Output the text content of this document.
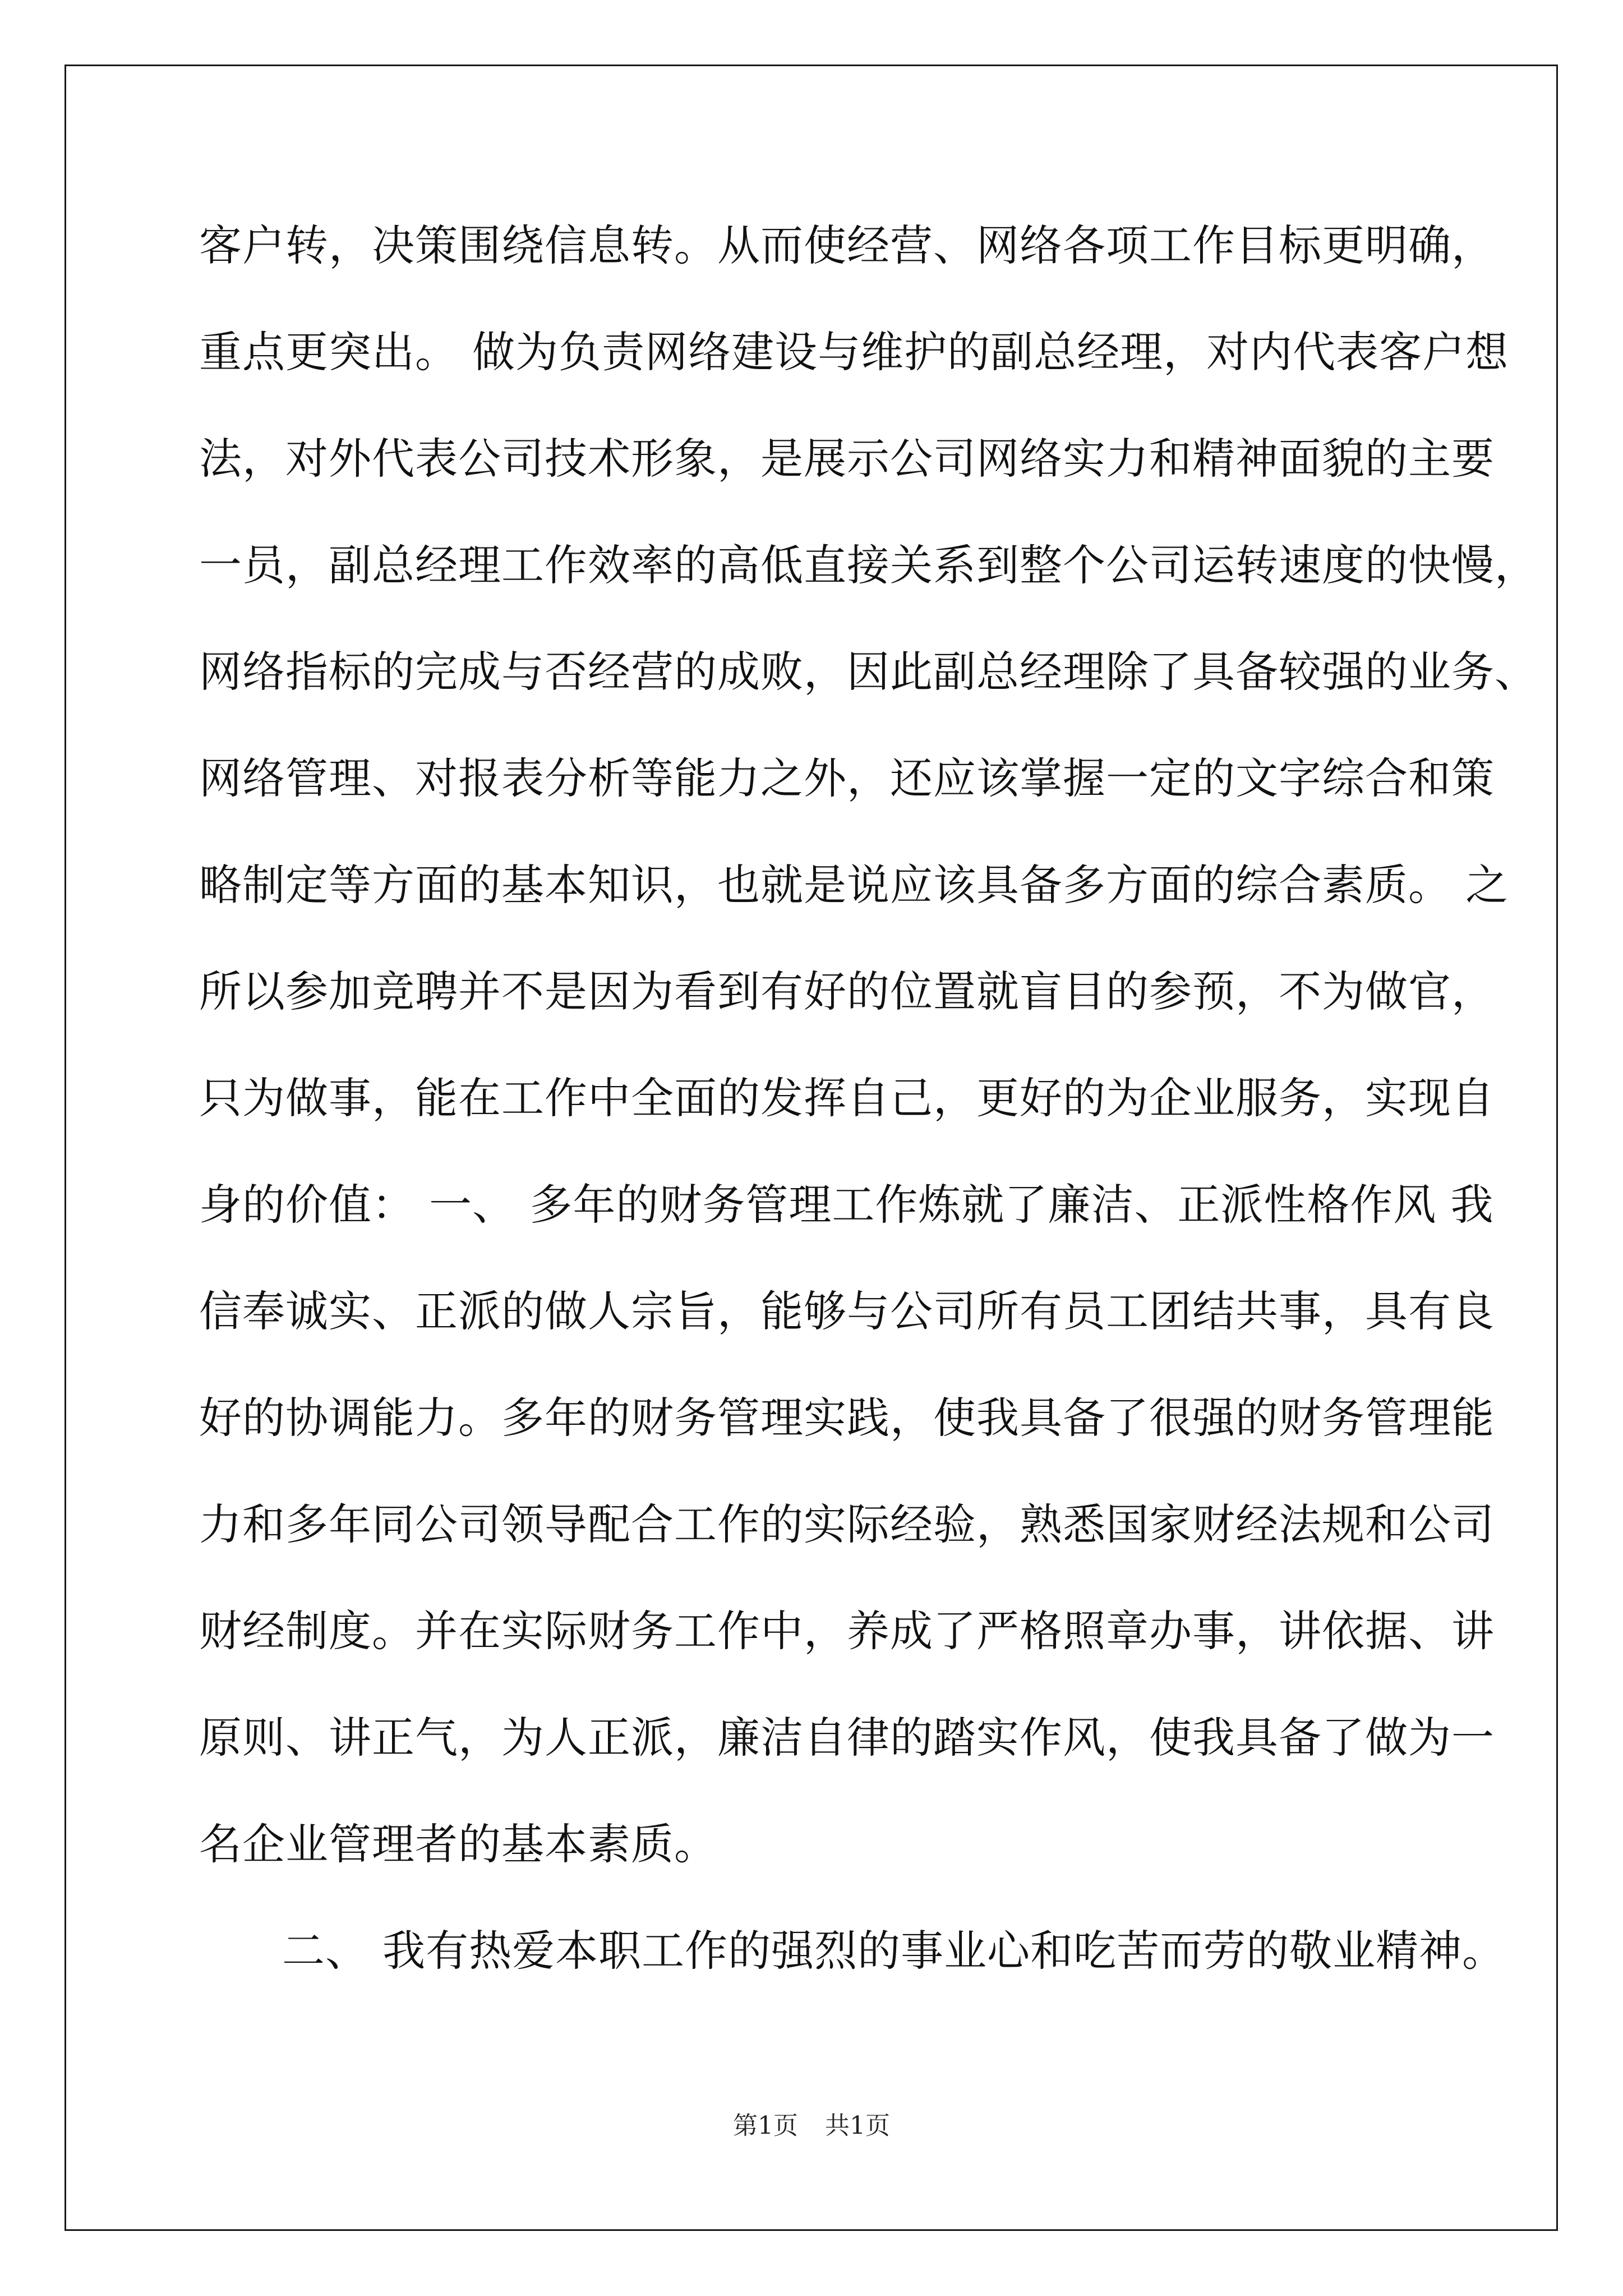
客户转，决策围绕信息转。从而使经营、网络各项工作目标更明确，
重点更突出。 做为负责网络建设与维护的副总经理，对内代表客户想
法，对外代表公司技术形象，是展示公司网络实力和精神面貌的主要
一员，副总经理工作效率的高低直接关系到整个公司运转速度的快慢，
网络指标的完成与否经营的成败，因此副总经理除了具备较强的业务、
网络管理、对报表分析等能力之外，还应该掌握一定的文字综合和策
略制定等方面的基本知识，也就是说应该具备多方面的综合素质。 之
所以参加竞聘并不是因为看到有好的位置就盲目的参预，不为做官，
只为做事，能在工作中全面的发挥自己，更好的为企业服务，实现自
身的价值： 一、 多年的财务管理工作炼就了廉洁、正派性格作风 我
信奉诚实、正派的做人宗旨，能够与公司所有员工团结共事，具有良
好的协调能力。多年的财务管理实践，使我具备了很强的财务管理能
力和多年同公司领导配合工作的实际经验，熟悉国家财经法规和公司
财经制度。并在实际财务工作中，养成了严格照章办事，讲依据、讲
原则、讲正气，为人正派，廉洁自律的踏实作风，使我具备了做为一
名企业管理者的基本素质。
二、 我有热爱本职工作的强烈的事业心和吃苦而劳的敬业精神。
第1页 共1页
